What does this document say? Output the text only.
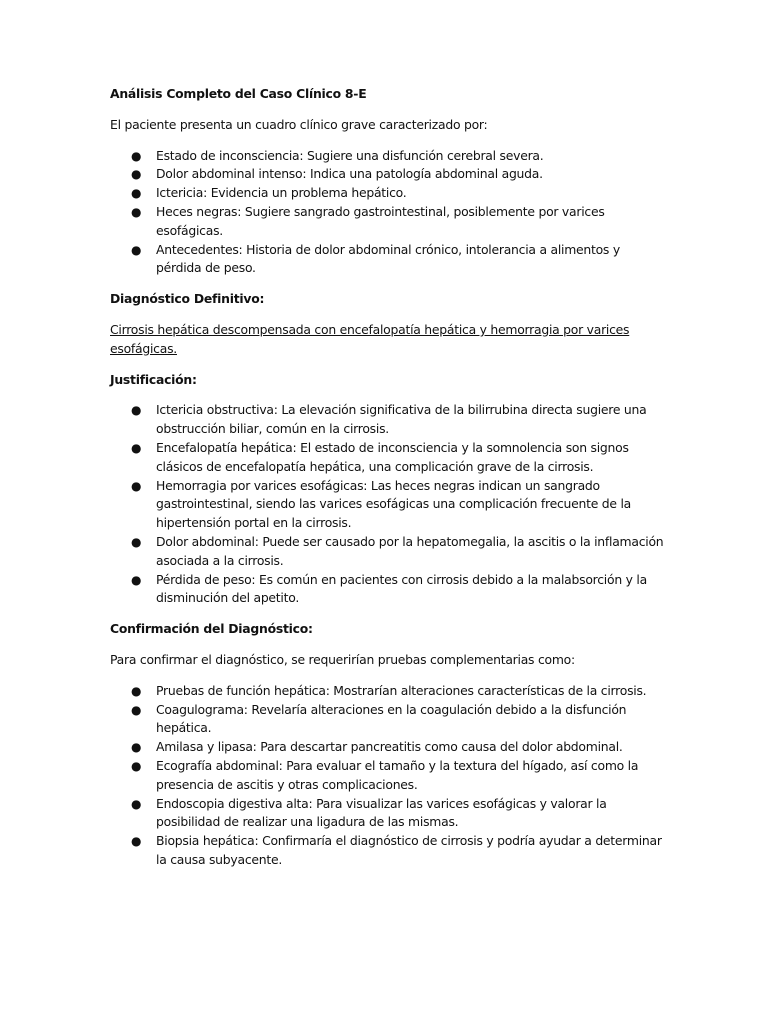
Análisis Completo del Caso Clínico 8-E

El paciente presenta un cuadro clínico grave caracterizado por:

● Estado de inconsciencia: Sugiere una disfunción cerebral severa.
● Dolor abdominal intenso: Indica una patología abdominal aguda.
● Ictericia: Evidencia un problema hepático.
● Heces negras: Sugiere sangrado gastrointestinal, posiblemente por varices esofágicas.
● Antecedentes: Historia de dolor abdominal crónico, intolerancia a alimentos y pérdida de peso.

Diagnóstico Definitivo:

Cirrosis hepática descompensada con encefalopatía hepática y hemorragia por varices esofágicas.

Justificación:

● Ictericia obstructiva: La elevación significativa de la bilirrubina directa sugiere una obstrucción biliar, común en la cirrosis.
● Encefalopatía hepática: El estado de inconsciencia y la somnolencia son signos clásicos de encefalopatía hepática, una complicación grave de la cirrosis.
● Hemorragia por varices esofágicas: Las heces negras indican un sangrado gastrointestinal, siendo las varices esofágicas una complicación frecuente de la hipertensión portal en la cirrosis.
● Dolor abdominal: Puede ser causado por la hepatomegalia, la ascitis o la inflamación asociada a la cirrosis.
● Pérdida de peso: Es común en pacientes con cirrosis debido a la malabsorción y la disminución del apetito.

Confirmación del Diagnóstico:

Para confirmar el diagnóstico, se requerirían pruebas complementarias como:

● Pruebas de función hepática: Mostrarían alteraciones características de la cirrosis.
● Coagulograma: Revelaría alteraciones en la coagulación debido a la disfunción hepática.
● Amilasa y lipasa: Para descartar pancreatitis como causa del dolor abdominal.
● Ecografía abdominal: Para evaluar el tamaño y la textura del hígado, así como la presencia de ascitis y otras complicaciones.
● Endoscopia digestiva alta: Para visualizar las varices esofágicas y valorar la posibilidad de realizar una ligadura de las mismas.
● Biopsia hepática: Confirmaría el diagnóstico de cirrosis y podría ayudar a determinar la causa subyacente.
